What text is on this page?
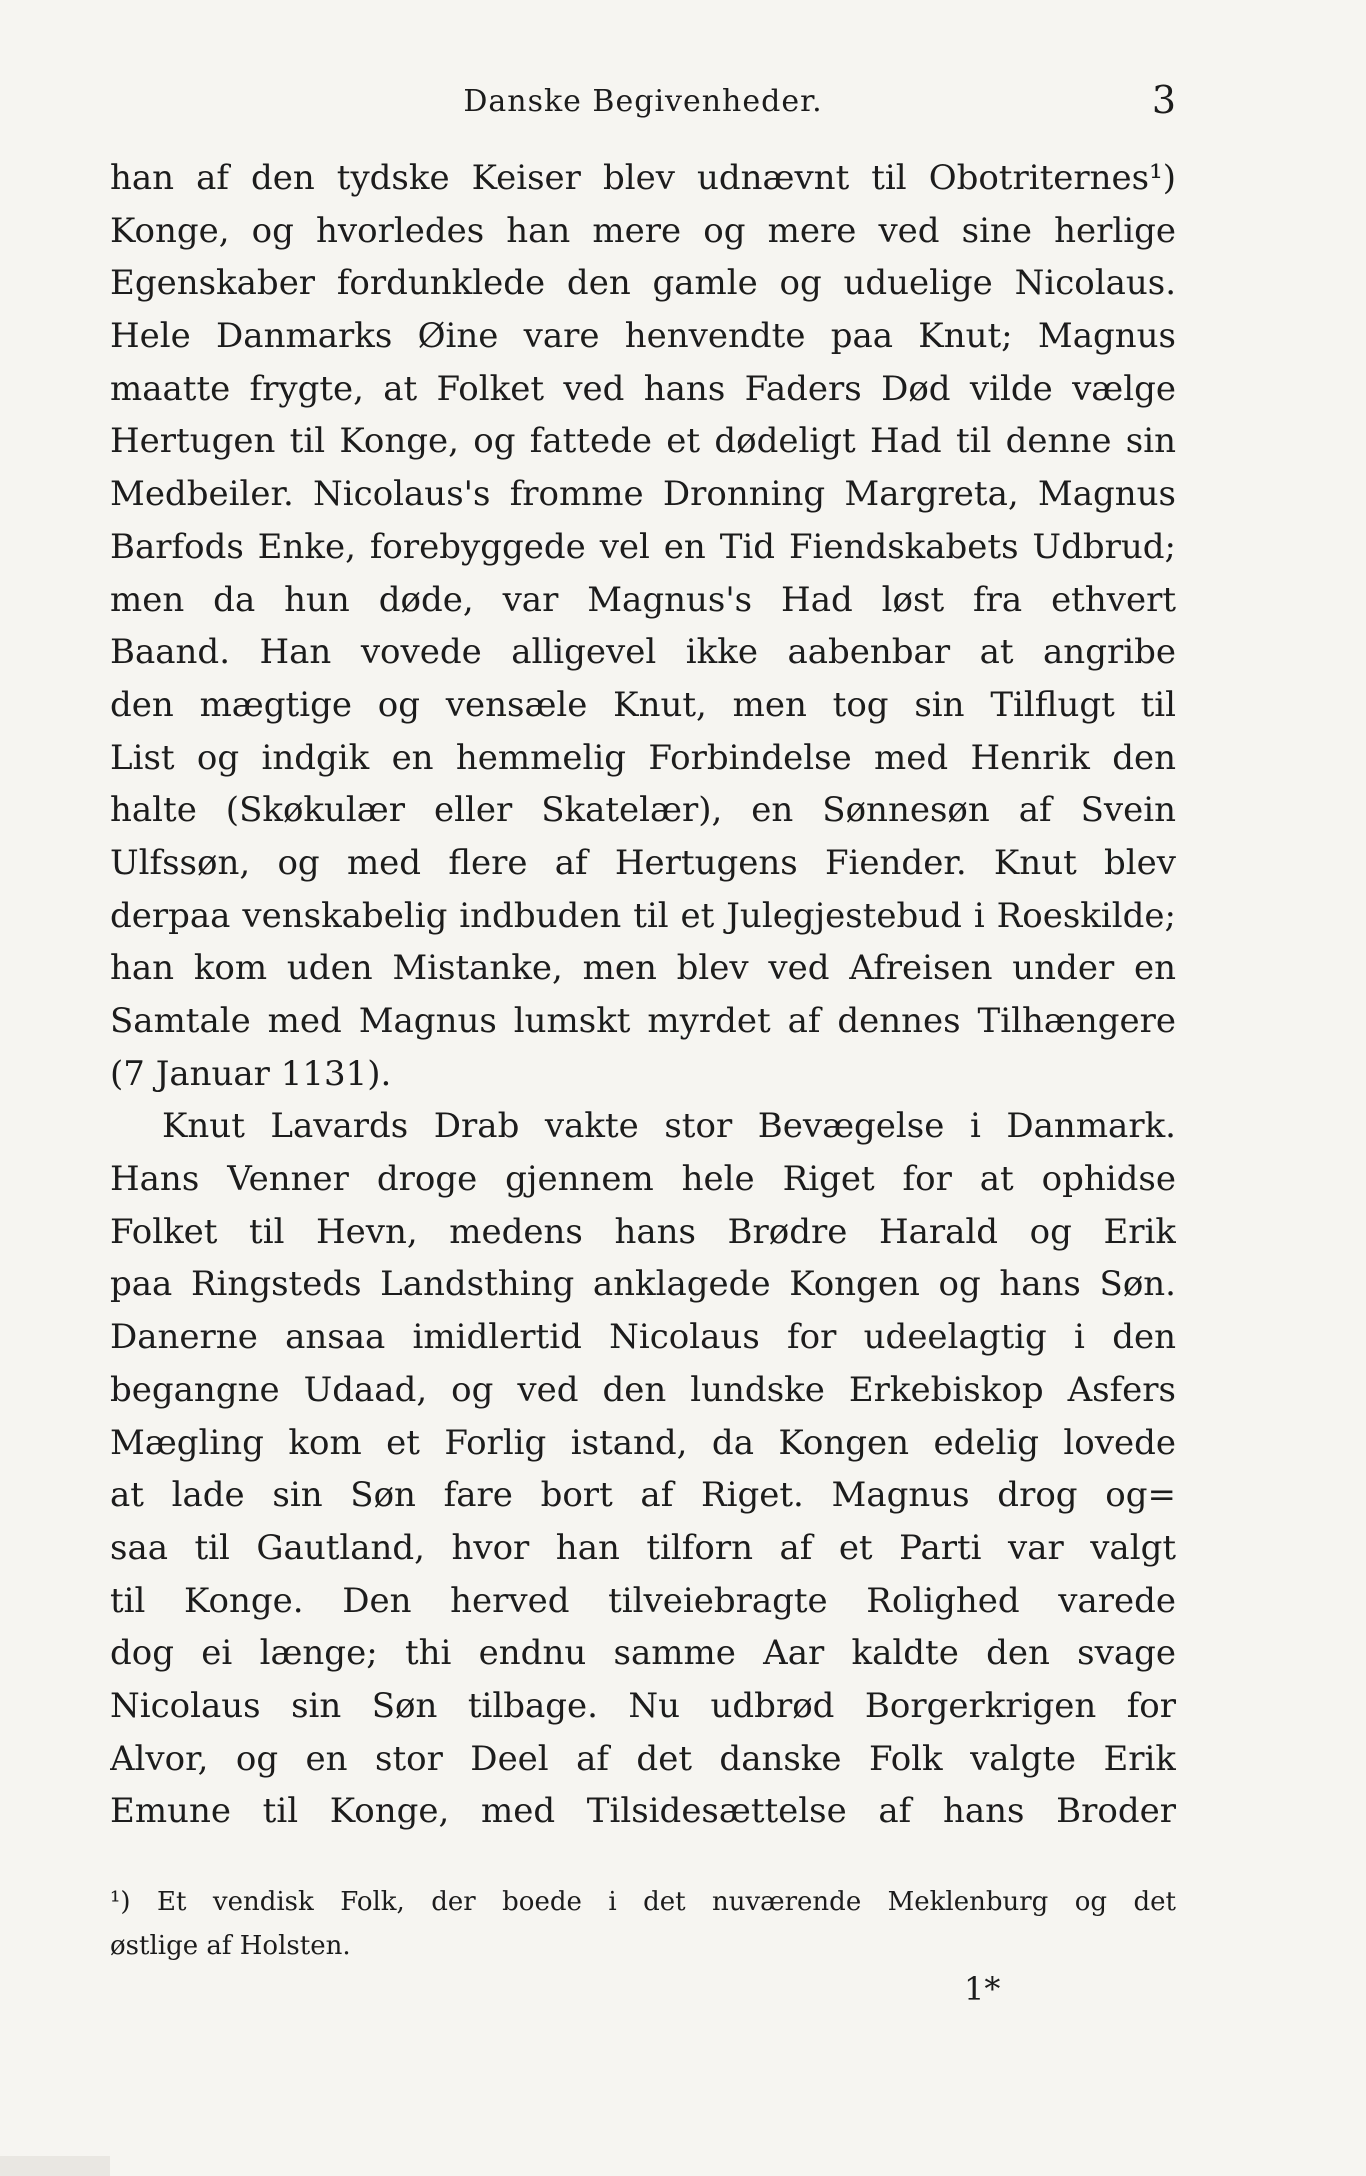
Danske Begivenheder.	3
han af den tydske Keiser blev udnævnt til Obotriternes¹)
Konge, og hvorledes han mere og mere ved sine herlige
Egenskaber fordunklede den gamle og uduelige Nicolaus.
Hele Danmarks Øine vare henvendte paa Knut; Magnus
maatte frygte, at Folket ved hans Faders Død vilde vælge
Hertugen til Konge, og fattede et dødeligt Had til denne sin
Medbeiler. Nicolaus's fromme Dronning Margreta, Magnus
Barfods Enke, forebyggede vel en Tid Fiendskabets Udbrud;
men da hun døde, var Magnus's Had løst fra ethvert
Baand. Han vovede alligevel ikke aabenbar at angribe
den mægtige og vensæle Knut, men tog sin Tilflugt til
List og indgik en hemmelig Forbindelse med Henrik den
halte (Skøkulær eller Skatelær), en Sønnesøn af Svein
Ulfssøn, og med flere af Hertugens Fiender. Knut blev
derpaa venskabelig indbuden til et Julegjestebud i Roeskilde;
han kom uden Mistanke, men blev ved Afreisen under en
Samtale med Magnus lumskt myrdet af dennes Tilhængere
(7 Januar 1131).
Knut Lavards Drab vakte stor Bevægelse i Danmark.
Hans Venner droge gjennem hele Riget for at ophidse
Folket til Hevn, medens hans Brødre Harald og Erik
paa Ringsteds Landsthing anklagede Kongen og hans Søn.
Danerne ansaa imidlertid Nicolaus for udeelagtig i den
begangne Udaad, og ved den lundske Erkebiskop Asfers
Mægling kom et Forlig istand, da Kongen edelig lovede
at lade sin Søn fare bort af Riget. Magnus drog og=
saa til Gautland, hvor han tilforn af et Parti var valgt
til Konge. Den herved tilveiebragte Rolighed varede
dog ei længe; thi endnu samme Aar kaldte den svage
Nicolaus sin Søn tilbage. Nu udbrød Borgerkrigen for
Alvor, og en stor Deel af det danske Folk valgte Erik
Emune til Konge, med Tilsidesættelse af hans Broder
¹) Et vendisk Folk, der boede i det nuværende Meklenburg og det
østlige af Holsten.
1*
